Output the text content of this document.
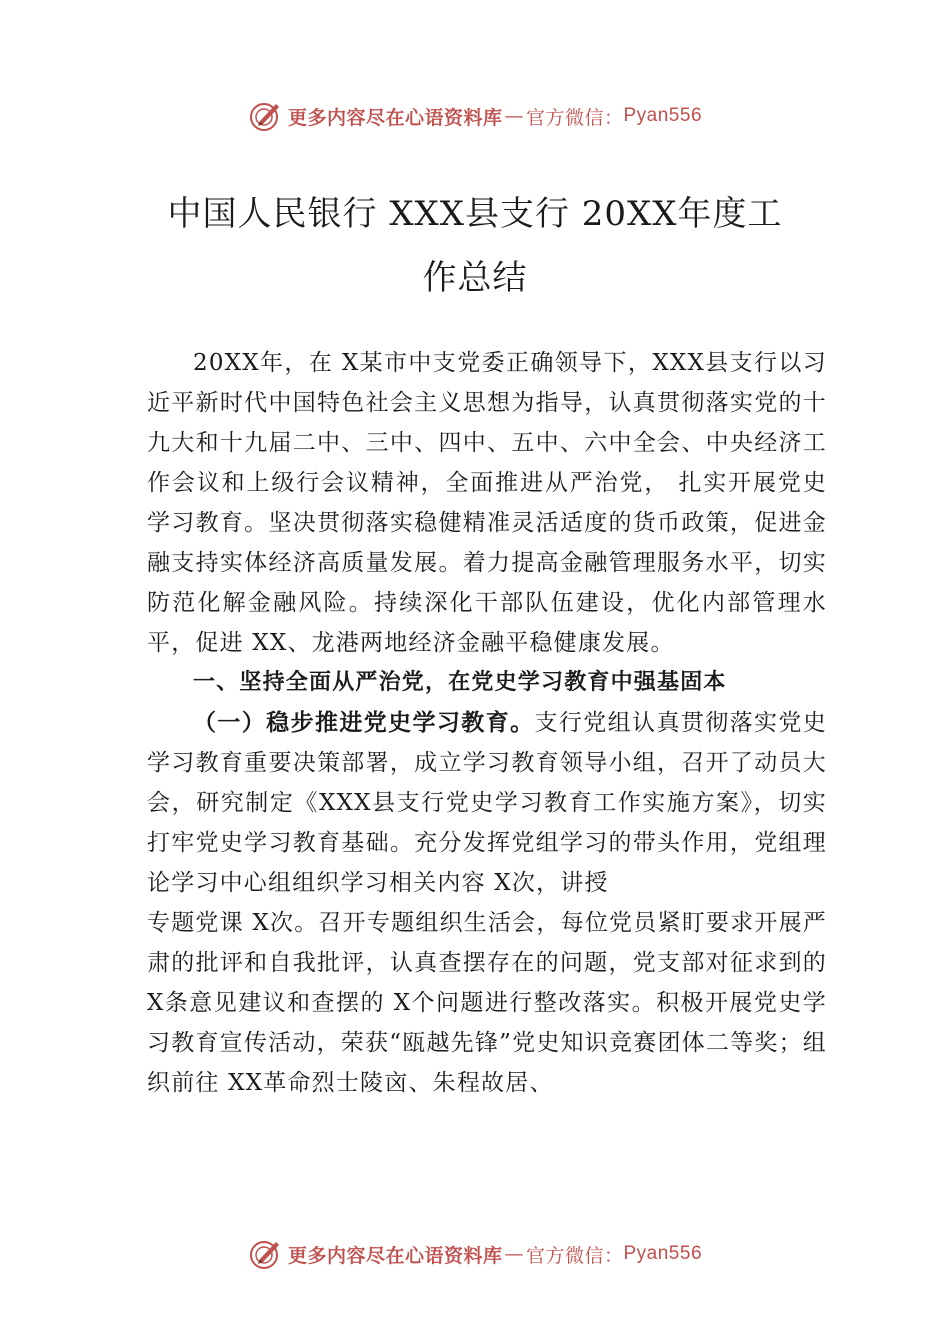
更多内容尽在心语资料库 — 官方微信： Pyan556
中国人民银行 XXX县支行 20XX年度工
作总结

20XX年，在 X某市中支党委正确领导下，XXX县支行以习近平新时代中国特色社会主义思想为指导，认真贯彻落实党的十九大和十九届二中、三中、四中、五中、六中全会、中央经济工作会议和上级行会议精神，全面推进从严治党， 扎实开展党史学习教育。坚决贯彻落实稳健精准灵活适度的货币政策，促进金融支持实体经济高质量发展。着力提高金融管理服务水平，切实防范化解金融风险。持续深化干部队伍建设，优化内部管理水平，促进 XX、龙港两地经济金融平稳健康发展。

一、坚持全面从严治党，在党史学习教育中强基固本

（一）稳步推进党史学习教育。支行党组认真贯彻落实党史学习教育重要决策部署，成立学习教育领导小组，召开了动员大会，研究制定《XXX县支行党史学习教育工作实施方案》，切实打牢党史学习教育基础。充分发挥党组学习的带头作用，党组理论学习中心组组织学习相关内容 X次，讲授

专题党课 X次。召开专题组织生活会，每位党员紧盯要求开展严肃的批评和自我批评，认真查摆存在的问题，党支部对征求到的 X条意见建议和查摆的 X个问题进行整改落实。积极开展党史学习教育宣传活动，荣获“瓯越先锋”党史知识竞赛团体二等奖；组织前往 XX革命烈士陵㐫、朱程故居、

更多内容尽在心语资料库 — 官方微信： Pyan556
